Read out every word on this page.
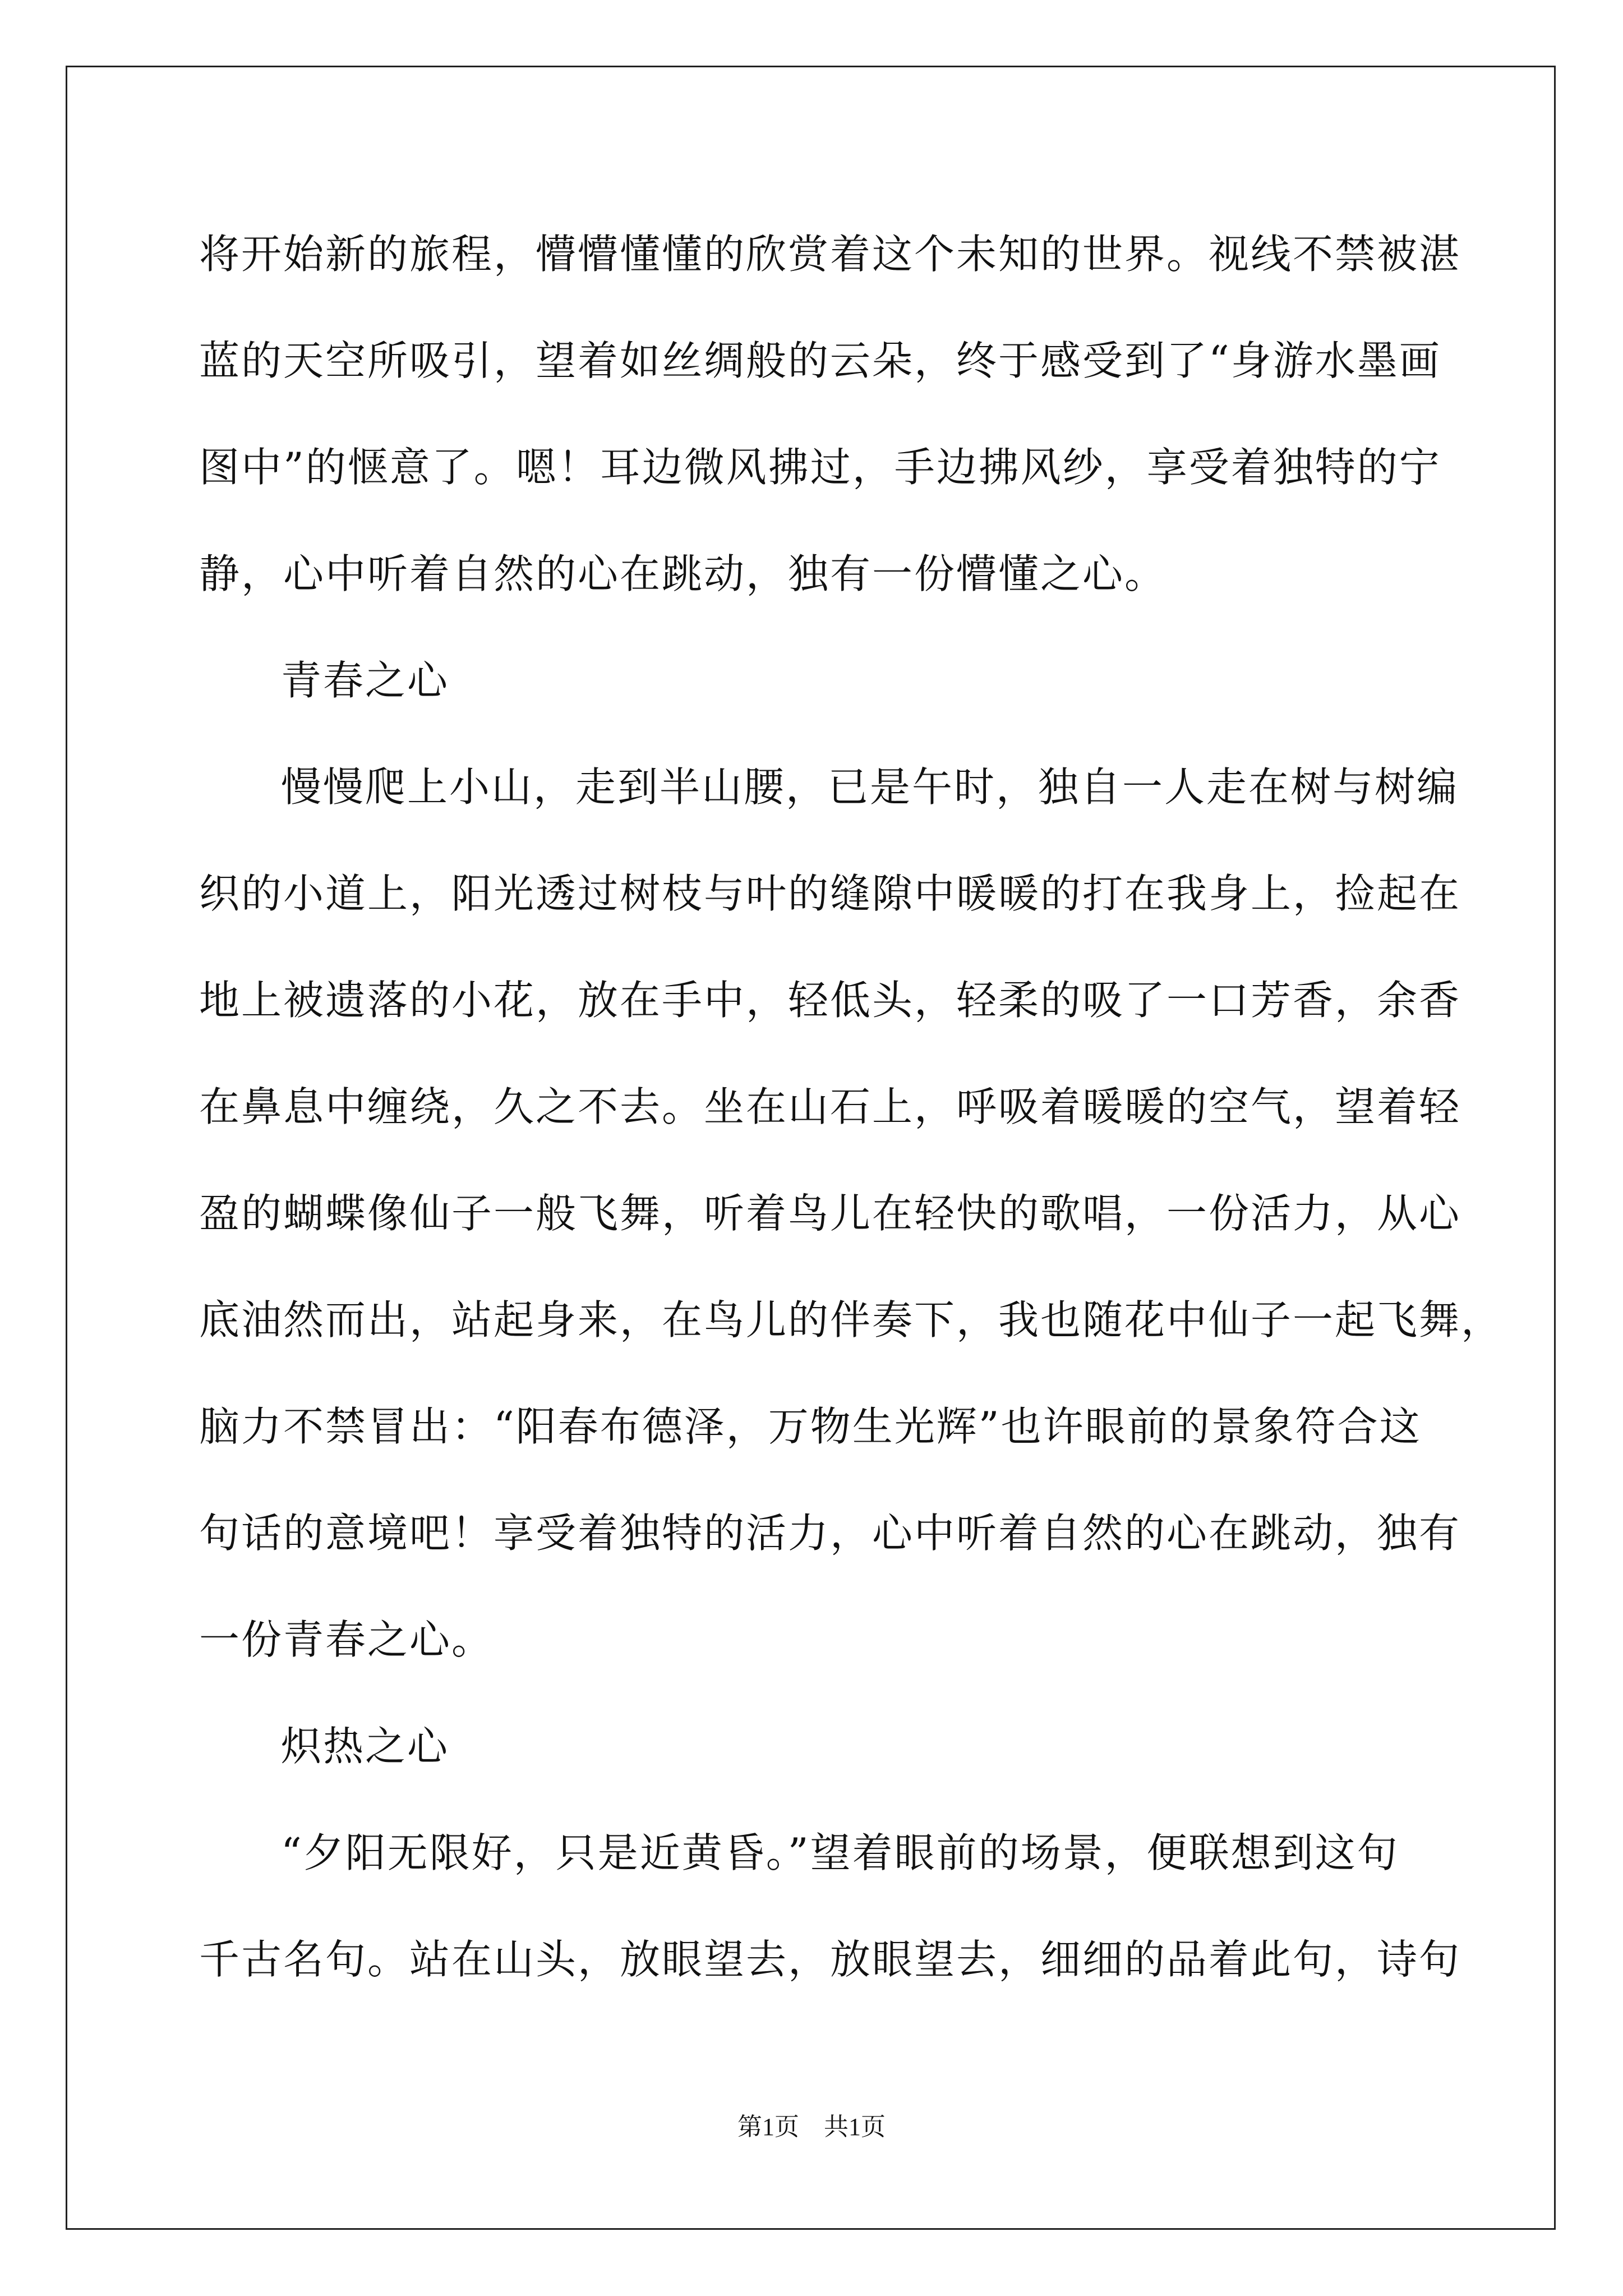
将开始新的旅程，懵懵懂懂的欣赏着这个未知的世界。视线不禁被湛
蓝的天空所吸引，望着如丝绸般的云朵，终于感受到了“身游水墨画
图中”的惬意了。嗯！耳边微风拂过，手边拂风纱，享受着独特的宁
静，心中听着自然的心在跳动，独有一份懵懂之心。
青春之心
慢慢爬上小山，走到半山腰，已是午时，独自一人走在树与树编
织的小道上，阳光透过树枝与叶的缝隙中暖暖的打在我身上，捡起在
地上被遗落的小花，放在手中，轻低头，轻柔的吸了一口芳香，余香
在鼻息中缠绕，久之不去。坐在山石上，呼吸着暖暖的空气，望着轻
盈的蝴蝶像仙子一般飞舞，听着鸟儿在轻快的歌唱，一份活力，从心
底油然而出，站起身来，在鸟儿的伴奏下，我也随花中仙子一起飞舞，
脑力不禁冒出：“阳春布德泽，万物生光辉”也许眼前的景象符合这
句话的意境吧！享受着独特的活力，心中听着自然的心在跳动，独有
一份青春之心。
炽热之心
“夕阳无限好，只是近黄昏。”望着眼前的场景，便联想到这句
千古名句。站在山头，放眼望去，放眼望去，细细的品着此句，诗句
第1页　共1页
